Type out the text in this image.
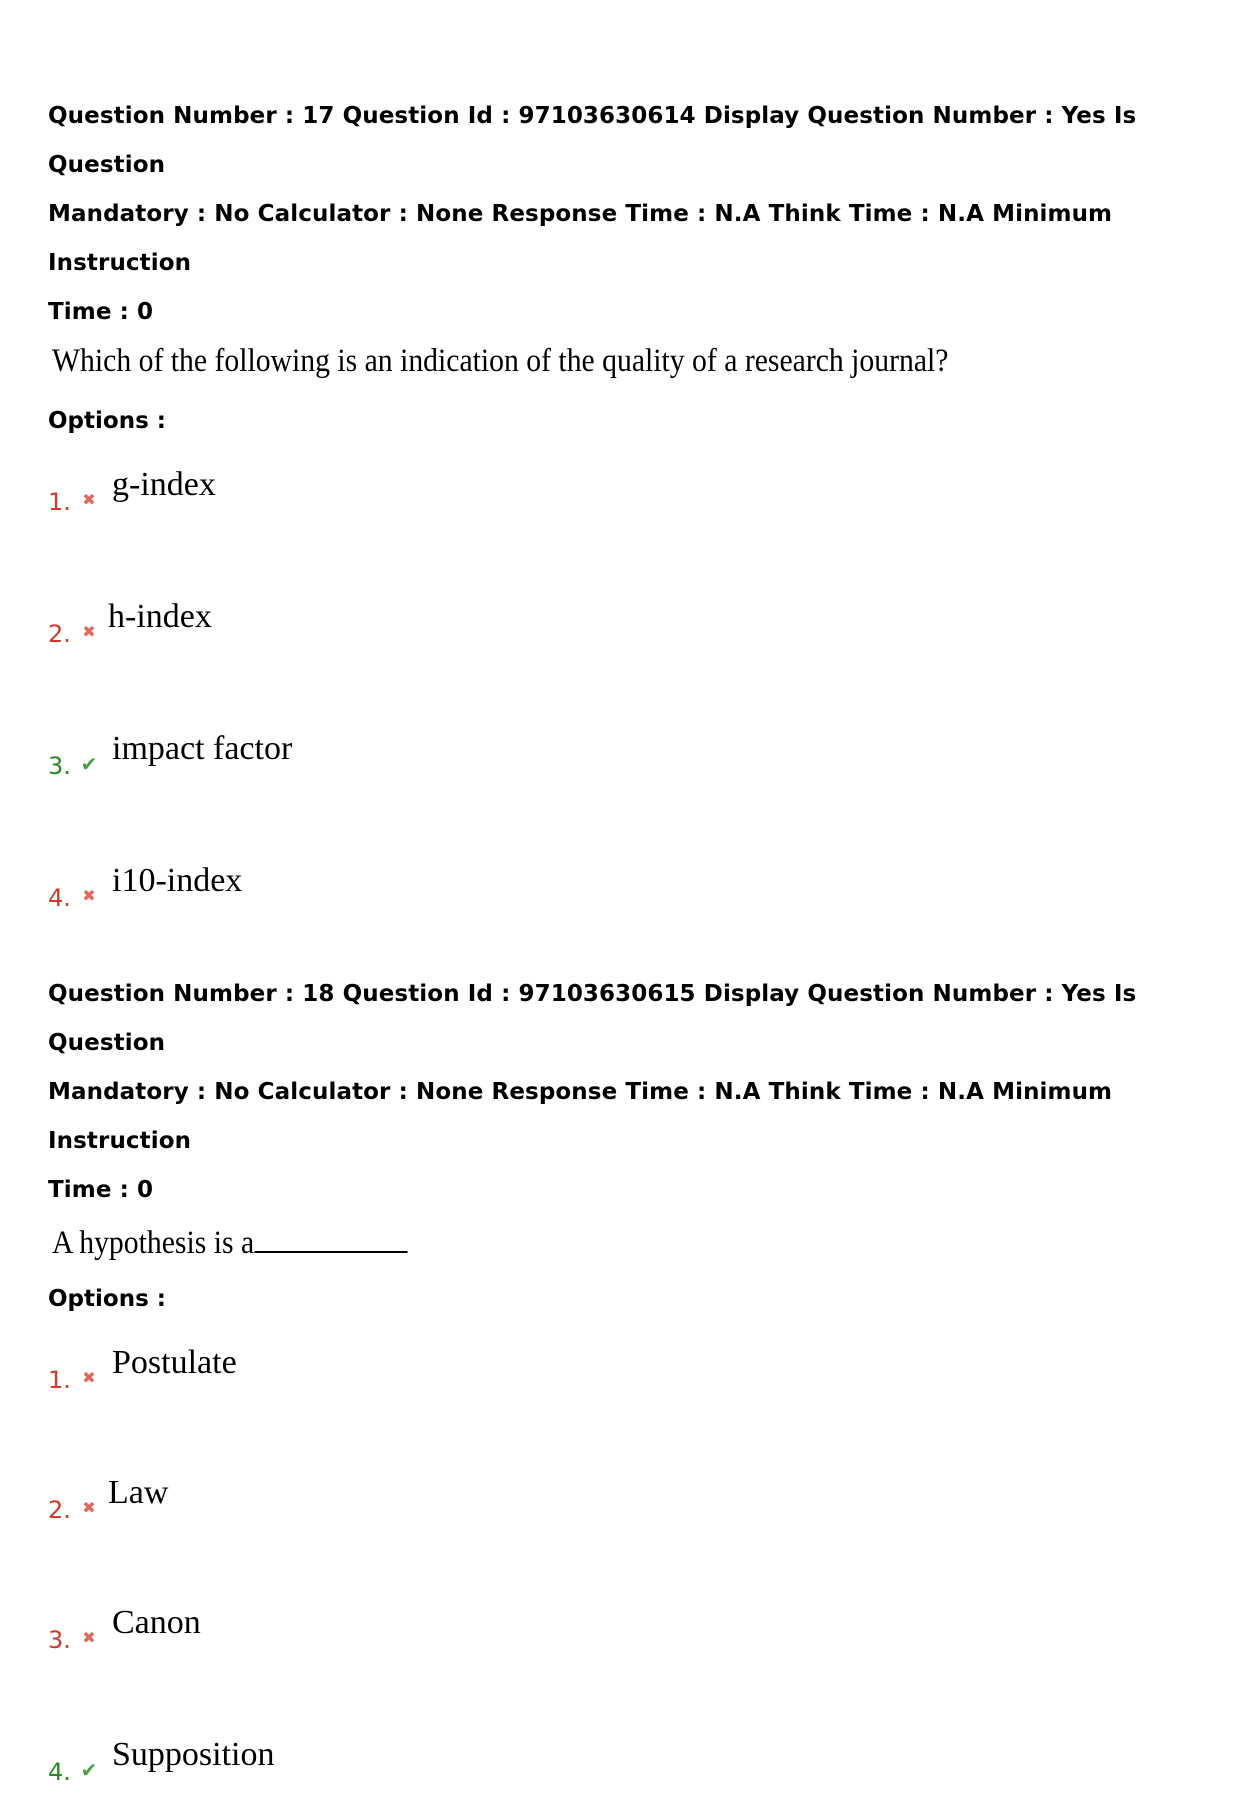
Question Number : 17 Question Id : 97103630614 Display Question Number : Yes Is Question

Mandatory : No Calculator : None Response Time : N.A Think Time : N.A Minimum Instruction

Time : 0

Which of the following is an indication of the quality of a research journal?

Options :

1. ✖ g-index
2. ✖ h-index
3. ✔ impact factor
4. ✖ i10-index

Question Number : 18 Question Id : 97103630615 Display Question Number : Yes Is Question

Mandatory : No Calculator : None Response Time : N.A Think Time : N.A Minimum Instruction

Time : 0

A hypothesis is a

Options :

1. ✖ Postulate
2. ✖ Law
3. ✖ Canon
4. ✔ Supposition
